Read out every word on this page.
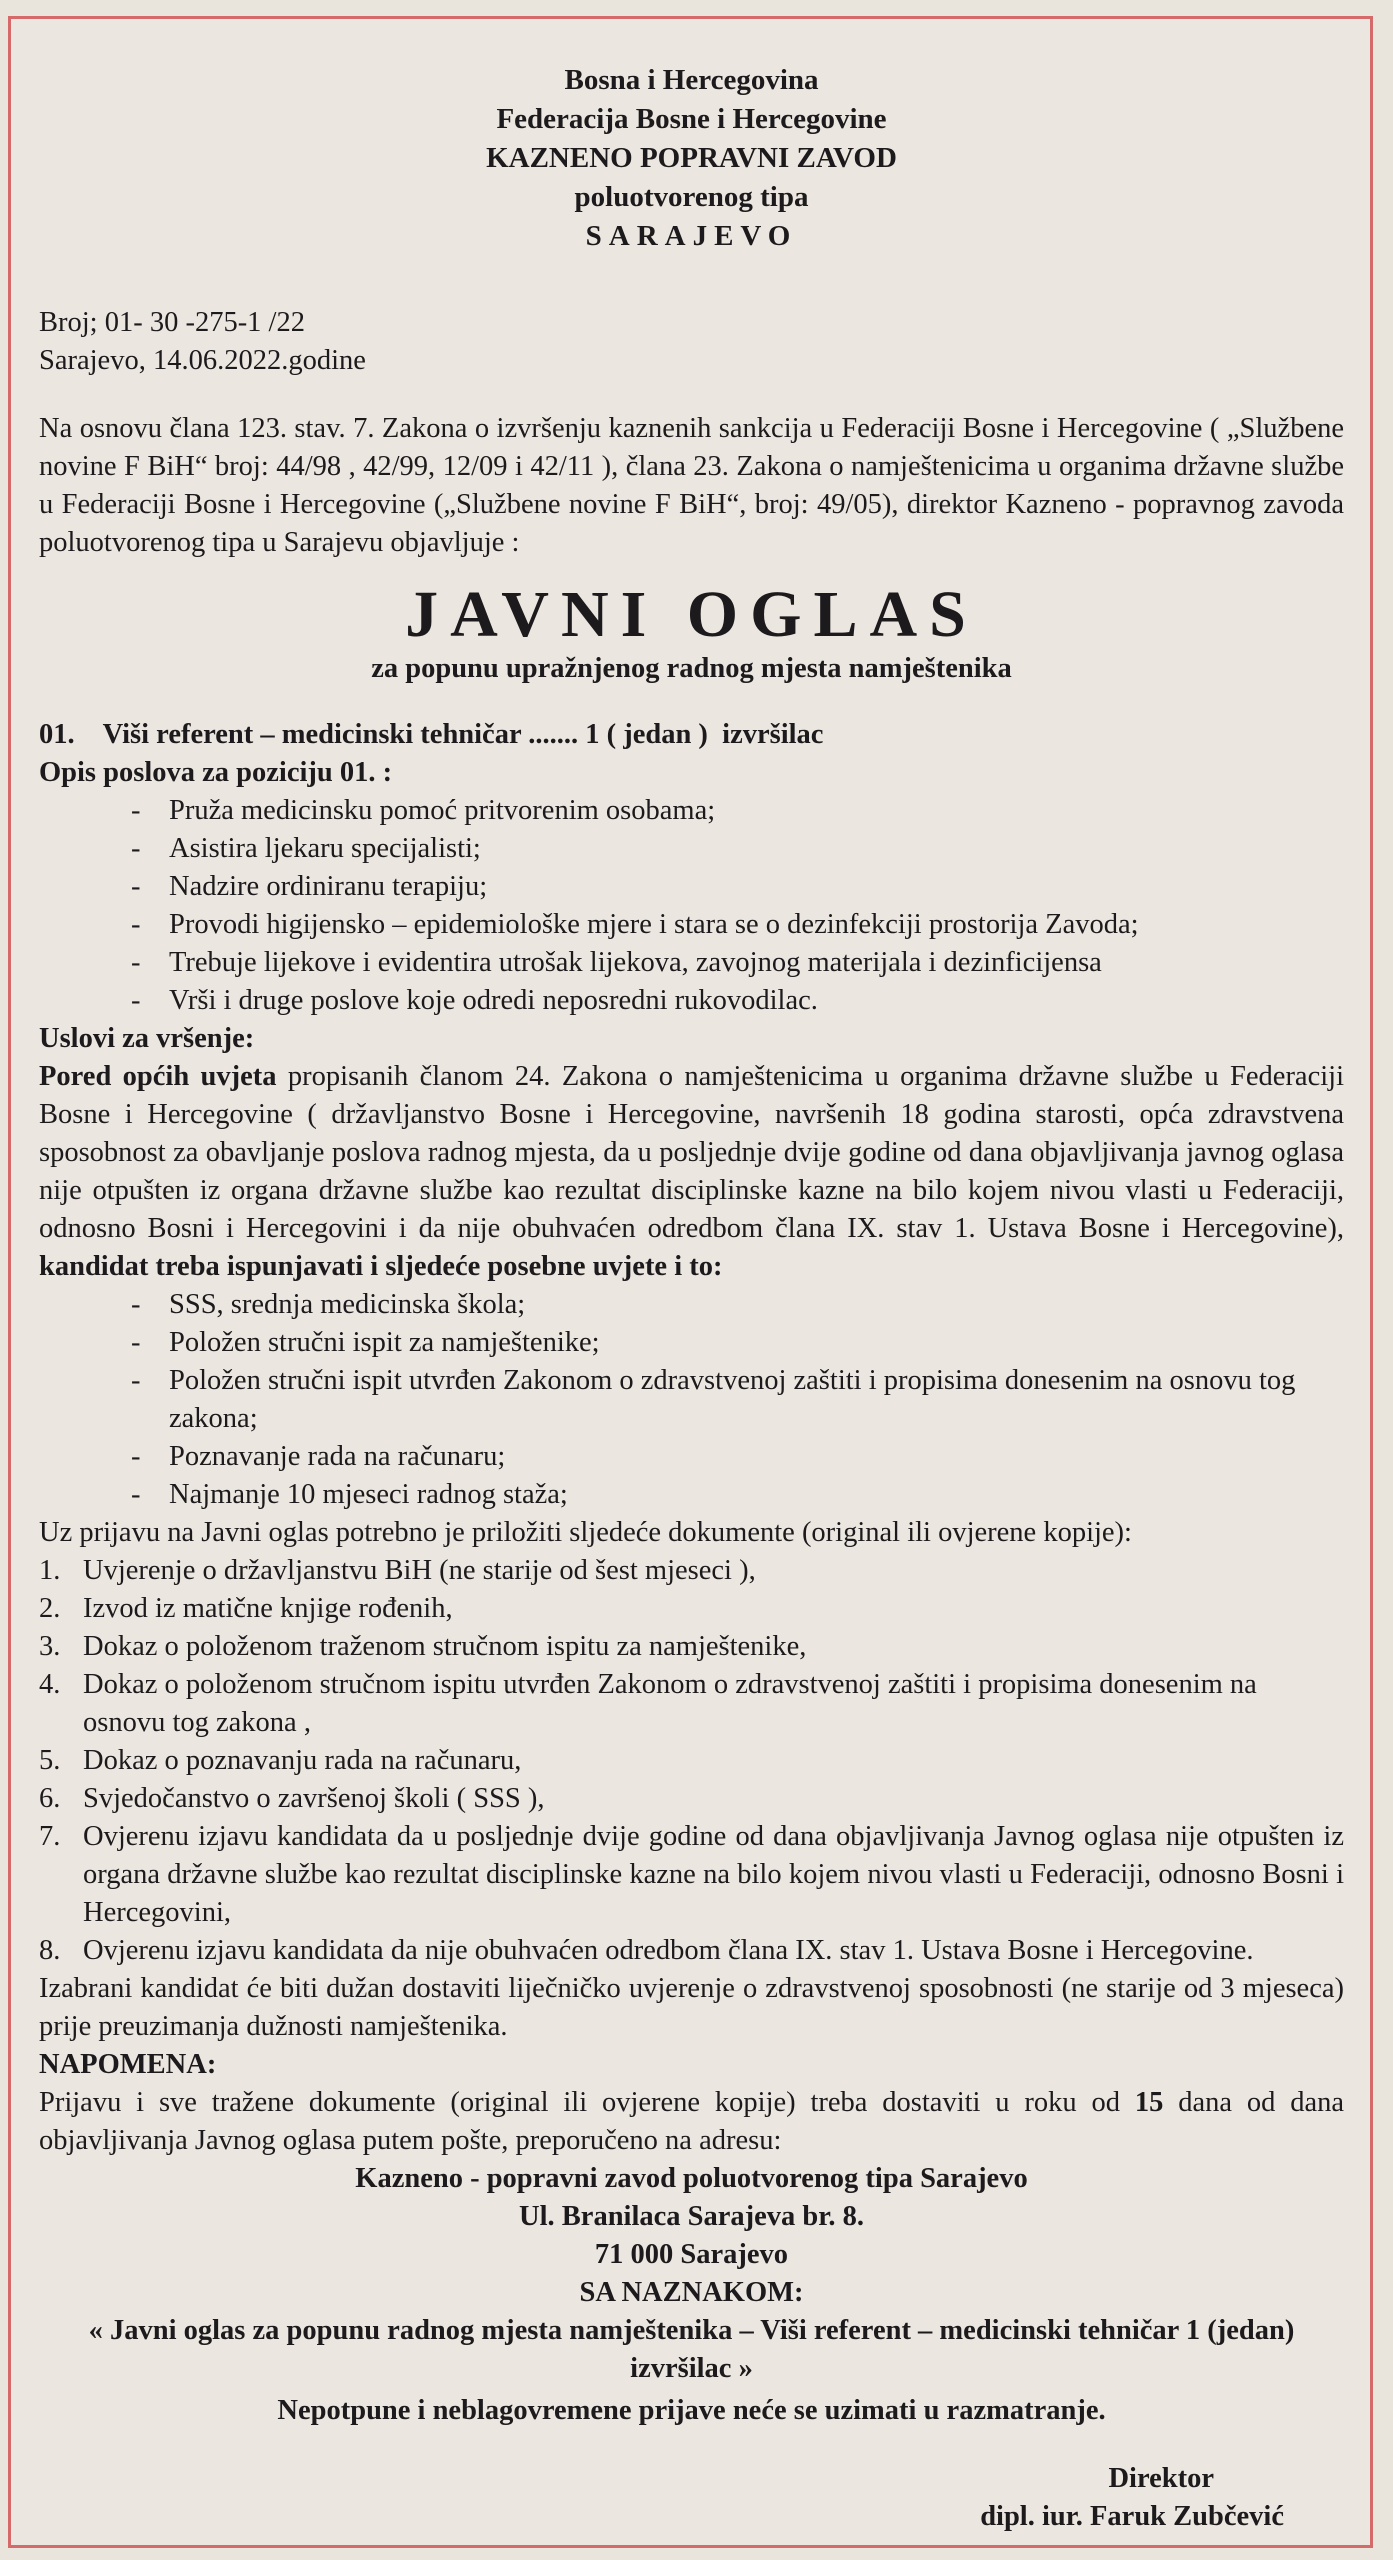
Bosna i Hercegovina
Federacija Bosne i Hercegovine
KAZNENO POPRAVNI ZAVOD
poluotvorenog tipa
SARAJEVO
Broj; 01- 30 -275-1 /22
Sarajevo, 14.06.2022.godine
Na osnovu člana 123. stav. 7. Zakona o izvršenju kaznenih sankcija u Federaciji Bosne i Hercegovine ( „Službene novine F BiH“ broj: 44/98 , 42/99, 12/09 i 42/11 ), člana 23. Zakona o namještenicima u organima državne službe u Federaciji Bosne i Hercegovine („Službene novine F BiH“, broj: 49/05), direktor Kazneno - popravnog zavoda poluotvorenog tipa u Sarajevu objavljuje :
JAVNI OGLAS
za popunu upražnjenog radnog mjesta namještenika
01.    Viši referent – medicinski tehničar ....... 1 ( jedan )  izvršilac
Opis poslova za poziciju 01. :
- Pruža medicinsku pomoć pritvorenim osobama;
- Asistira ljekaru specijalisti;
- Nadzire ordiniranu terapiju;
- Provodi higijensko – epidemiološke mjere i stara se o dezinfekciji prostorija Zavoda;
- Trebuje lijekove i evidentira utrošak lijekova, zavojnog materijala i dezinficijensa
- Vrši i druge poslove koje odredi neposredni rukovodilac.
Uslovi za vršenje:
Pored općih uvjeta propisanih članom 24. Zakona o namještenicima u organima državne službe u Federaciji Bosne i Hercegovine ( državljanstvo Bosne i Hercegovine, navršenih 18 godina starosti, opća zdravstvena sposobnost za obavljanje poslova radnog mjesta, da u posljednje dvije godine od dana objavljivanja javnog oglasa nije otpušten iz organa državne službe kao rezultat disciplinske kazne na bilo kojem nivou vlasti u Federaciji, odnosno Bosni i Hercegovini i da nije obuhvaćen odredbom člana IX. stav 1. Ustava Bosne i Hercegovine), kandidat treba ispunjavati i sljedeće posebne uvjete i to:
- SSS, srednja medicinska škola;
- Položen stručni ispit za namještenike;
- Položen stručni ispit utvrđen Zakonom o zdravstvenoj zaštiti i propisima donesenim na osnovu tog zakona;
- Poznavanje rada na računaru;
- Najmanje 10 mjeseci radnog staža;
Uz prijavu na Javni oglas potrebno je priložiti sljedeće dokumente (original ili ovjerene kopije):
1. Uvjerenje o državljanstvu BiH (ne starije od šest mjeseci ),
2. Izvod iz matične knjige rođenih,
3. Dokaz o položenom traženom stručnom ispitu za namještenike,
4. Dokaz o položenom stručnom ispitu utvrđen Zakonom o zdravstvenoj zaštiti i propisima donesenim na osnovu tog zakona ,
5. Dokaz o poznavanju rada na računaru,
6. Svjedočanstvo o završenoj školi ( SSS ),
7. Ovjerenu izjavu kandidata da u posljednje dvije godine od dana objavljivanja Javnog oglasa nije otpušten iz organa državne službe kao rezultat disciplinske kazne na bilo kojem nivou vlasti u Federaciji, odnosno Bosni i Hercegovini,
8. Ovjerenu izjavu kandidata da nije obuhvaćen odredbom člana IX. stav 1. Ustava Bosne i Hercegovine.
Izabrani kandidat će biti dužan dostaviti liječničko uvjerenje o zdravstvenoj sposobnosti (ne starije od 3 mjeseca) prije preuzimanja dužnosti namještenika.
NAPOMENA:
Prijavu i sve tražene dokumente (original ili ovjerene kopije) treba dostaviti u roku od 15 dana od dana objavljivanja Javnog oglasa putem pošte, preporučeno na adresu:
Kazneno - popravni zavod poluotvorenog tipa Sarajevo
Ul. Branilaca Sarajeva br. 8.
71 000 Sarajevo
SA NAZNAKOM:
« Javni oglas za popunu radnog mjesta namještenika – Viši referent – medicinski tehničar 1 (jedan) izvršilac »
Nepotpune i neblagovremene prijave neće se uzimati u razmatranje.
Direktor
dipl. iur. Faruk Zubčević
